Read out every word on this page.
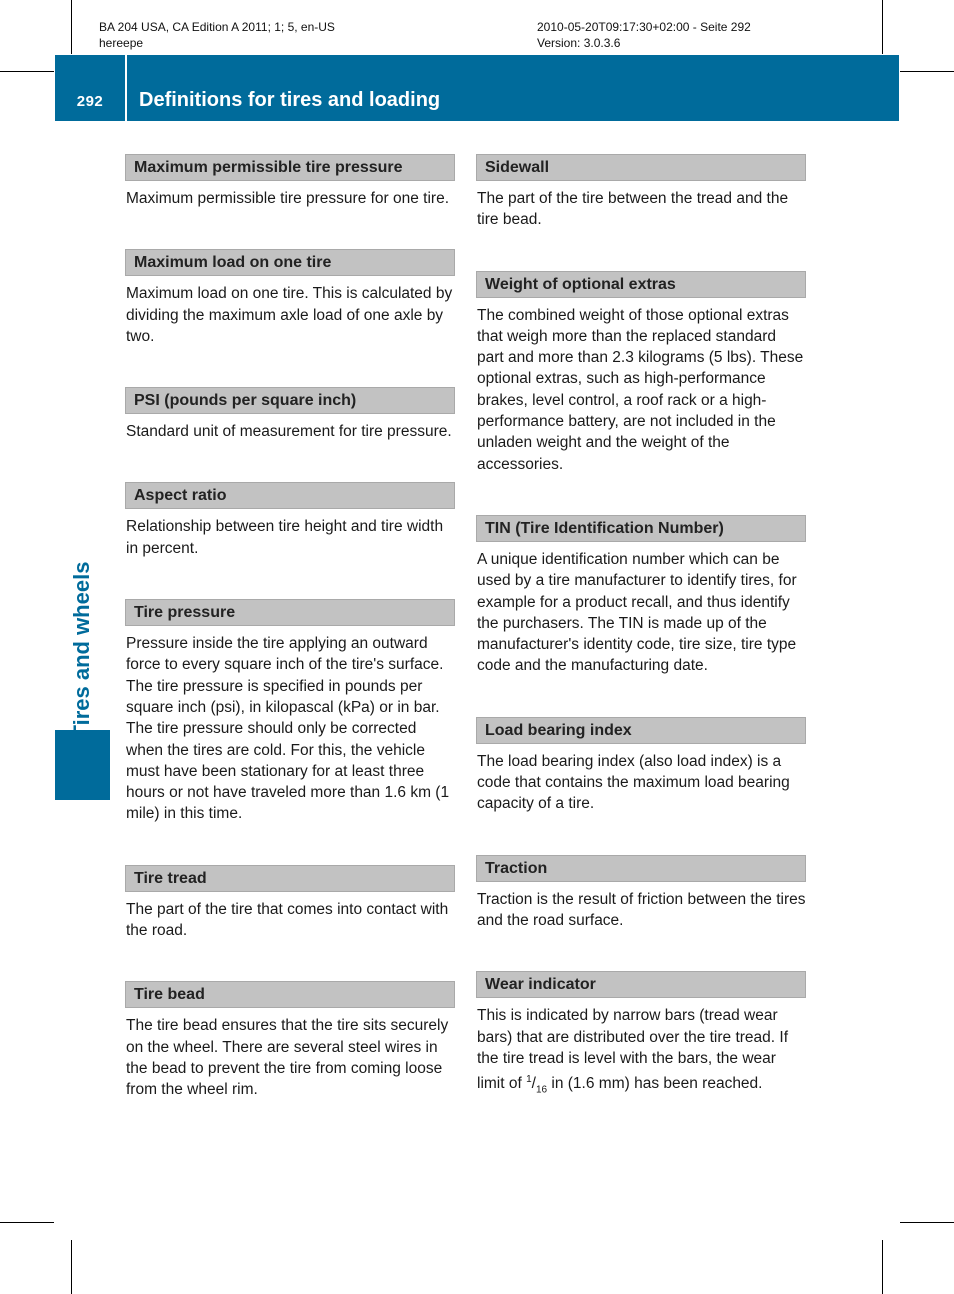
BA 204 USA, CA Edition A 2011; 1; 5, en-US
hereepe
2010-05-20T09:17:30+02:00 - Seite 292
Version: 3.0.3.6
292	Definitions for tires and loading
Tires and wheels
Maximum permissible tire pressure
Maximum permissible tire pressure for one tire.
Maximum load on one tire
Maximum load on one tire. This is calculated by dividing the maximum axle load of one axle by two.
PSI (pounds per square inch)
Standard unit of measurement for tire pressure.
Aspect ratio
Relationship between tire height and tire width in percent.
Tire pressure
Pressure inside the tire applying an outward force to every square inch of the tire's surface. The tire pressure is specified in pounds per square inch (psi), in kilopascal (kPa) or in bar. The tire pressure should only be corrected when the tires are cold. For this, the vehicle must have been stationary for at least three hours or not have traveled more than 1.6 km (1 mile) in this time.
Tire tread
The part of the tire that comes into contact with the road.
Tire bead
The tire bead ensures that the tire sits securely on the wheel. There are several steel wires in the bead to prevent the tire from coming loose from the wheel rim.
Sidewall
The part of the tire between the tread and the tire bead.
Weight of optional extras
The combined weight of those optional extras that weigh more than the replaced standard part and more than 2.3 kilograms (5 lbs). These optional extras, such as high-performance brakes, level control, a roof rack or a high-performance battery, are not included in the unladen weight and the weight of the accessories.
TIN (Tire Identification Number)
A unique identification number which can be used by a tire manufacturer to identify tires, for example for a product recall, and thus identify the purchasers. The TIN is made up of the manufacturer's identity code, tire size, tire type code and the manufacturing date.
Load bearing index
The load bearing index (also load index) is a code that contains the maximum load bearing capacity of a tire.
Traction
Traction is the result of friction between the tires and the road surface.
Wear indicator
This is indicated by narrow bars (tread wear bars) that are distributed over the tire tread. If the tire tread is level with the bars, the wear limit of $^1/_{16}$ in (1.6 mm) has been reached.
